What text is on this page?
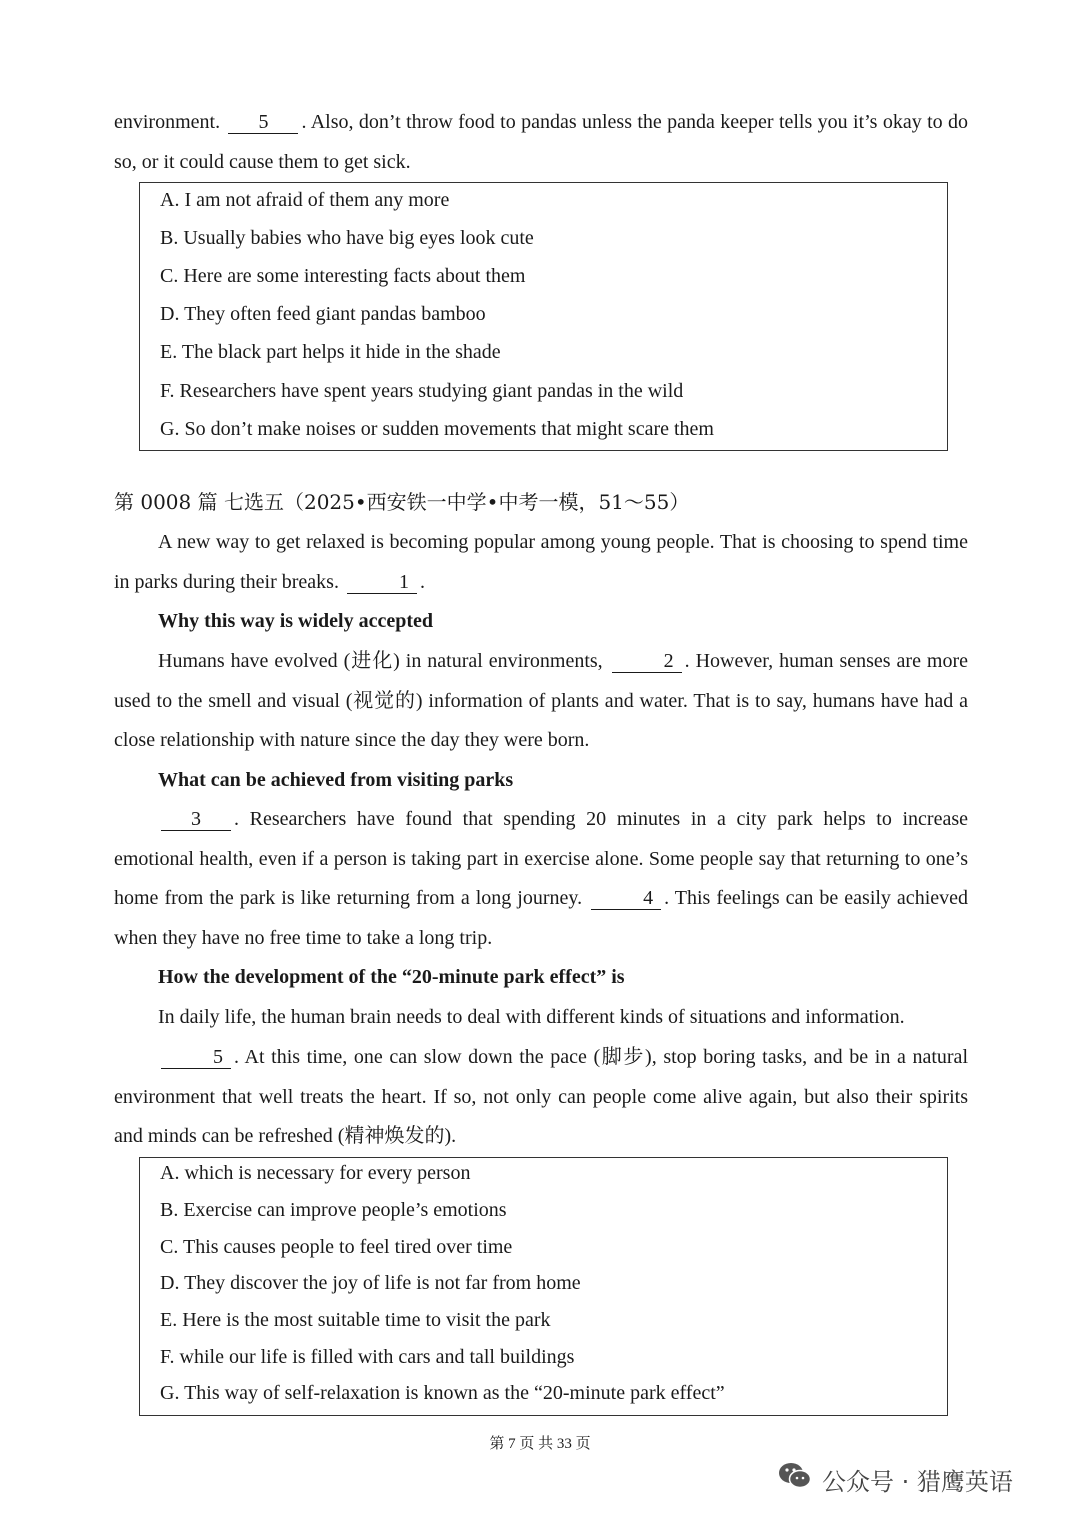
environment. 5 . Also, don’t throw food to pandas unless the panda keeper tells you it’s okay to do so, or it could cause them to get sick.

A. I am not afraid of them any more
B. Usually babies who have big eyes look cute
C. Here are some interesting facts about them
D. They often feed giant pandas bamboo
E. The black part helps it hide in the shade
F. Researchers have spent years studying giant pandas in the wild
G. So don’t make noises or sudden movements that might scare them
第 0008 篇 七选五（2025•西安铁一中学•中考一模，51～55）

A new way to get relaxed is becoming popular among young people. That is choosing to spend time in parks during their breaks.	1 .

Why this way is widely accepted

Humans have evolved (进化) in natural environments,	2 . However, human senses are more used to the smell and visual (视觉的) information of plants and water. That is to say, humans have had a close relationship with nature since the day they were born.

What can be achieved from visiting parks

3 . Researchers have found that spending 20 minutes in a city park helps to increase emotional health, even if a person is taking part in exercise alone. Some people say that returning to one’s home from the park is like returning from a long journey.	4 . This feelings can be easily achieved when they have no free time to take a long trip.

How the development of the “20-minute park effect” is

In daily life, the human brain needs to deal with different kinds of situations and information.

5 . At this time, one can slow down the pace (脚步), stop boring tasks, and be in a natural environment that well treats the heart. If so, not only can people come alive again, but also their spirits and minds can be refreshed (精神焕发的).

A. which is necessary for every person
B. Exercise can improve people’s emotions
C. This causes people to feel tired over time
D. They discover the joy of life is not far from home
E. Here is the most suitable time to visit the park
F. while our life is filled with cars and tall buildings
G. This way of self-relaxation is known as the “20-minute park effect”
第 7 页 共 33 页
公众号 · 猎鹰英语
